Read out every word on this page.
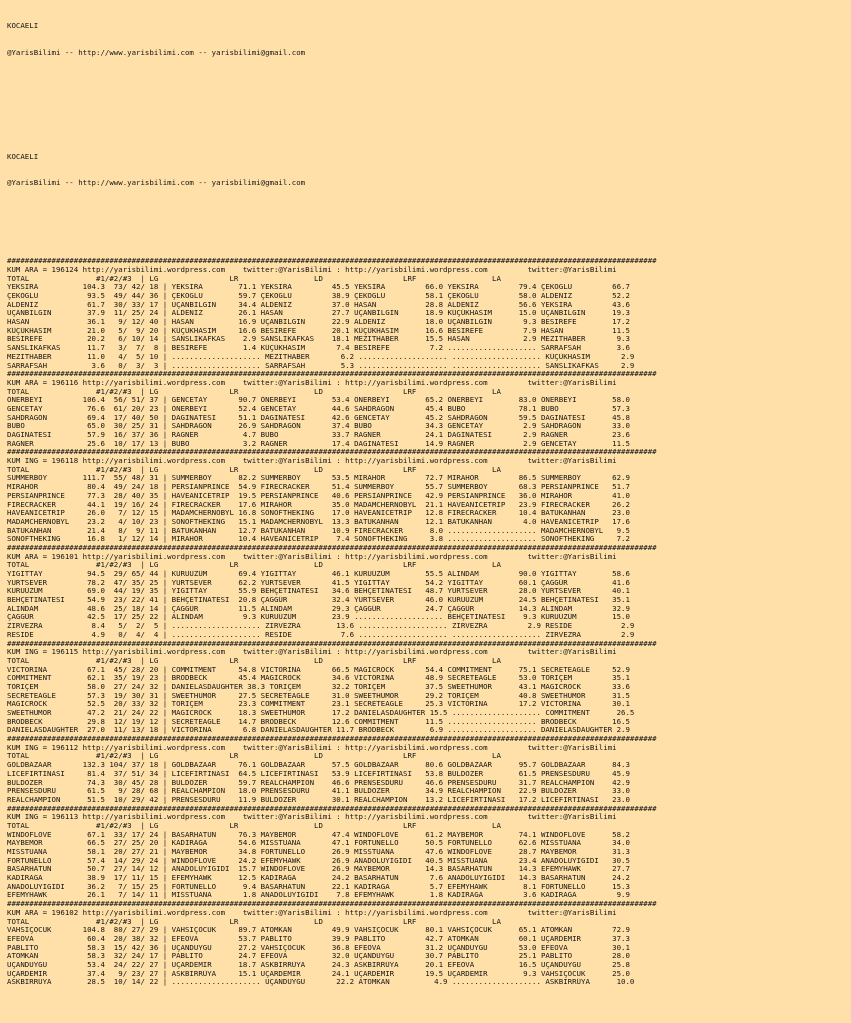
KOCAELI

@YarisBilimi -- http://www.yarisbilimi.com -- yarisbilimi@gmail.com

KOCAELI

@YarisBilimi -- http://www.yarisbilimi.com -- yarisbilimi@gmail.com

##################################################################################################################################################
KUM ARA = 196124 http://yarisbilimi.wordpress.com    twitter:@YarisBilimi : http://yarisbilimi.wordpress.com         twitter:@YarisBilimi
TOTAL               #1/#2/#3  | LG                LR                 LD                  LRF                 LA
YEKSIRA          104.3  73/ 42/ 18 | YEKSIRA        71.1 YEKSIRA         45.5 YEKSIRA         66.0 YEKSIRA         79.4 ÇEKOGLU         66.7
ÇEKOGLU           93.5  49/ 44/ 36 | ÇEKOGLU        59.7 ÇEKOGLU         38.9 ÇEKOGLU         58.1 ÇEKOGLU         58.0 ALDENIZ         52.2
ALDENIZ           61.7  30/ 33/ 17 | UÇANBILGIN     34.4 ALDENIZ         37.0 HASAN           28.8 ALDENIZ         56.6 YEKSIRA         43.6
UÇANBILGIN        37.9  11/ 25/ 24 | ALDENIZ        26.1 HASAN           27.7 UÇANBILGIN      18.9 KÜÇÜKHASIM      15.0 UÇANBILGIN      19.3
HASAN             36.1   9/ 12/ 40 | HASAN          16.9 UÇANBILGIN      22.9 ALDENIZ         18.0 UÇANBILGIN       9.3 BESIREFE        17.2
KÜÇÜKHASIM        21.0   5/  9/ 20 | KÜÇÜKHASIM     16.6 BESIREFE        20.1 KÜÇÜKHASIM      16.6 BESIREFE         7.9 HASAN           11.5
BESIREFE          20.2   6/ 10/ 14 | SANSLIKAFKAS    2.9 SANSLIKAFKAS    18.1 MEZITHABER      15.5 HASAN            2.9 MEZITHABER       9.3
SANSLIKAFKAS      11.7   3/  7/  8 | BESIREFE        1.4 KÜÇÜKHASIM       7.4 BESIREFE         7.2 .................... SARRAFSAH        3.6
MEZITHABER        11.0   4/  5/ 10 | .................... MEZITHABER       6.2 .................... .................... KÜÇÜKHASIM       2.9
SARRAFSAH          3.6   0/  3/  3 | .................... SARRAFSAH        5.3 .................... .................... SANSLIKAFKAS     2.9
##################################################################################################################################################
KUM ARA = 196116 http://yarisbilimi.wordpress.com    twitter:@YarisBilimi : http://yarisbilimi.wordpress.com         twitter:@YarisBilimi
TOTAL               #1/#2/#3  | LG                LR                 LD                  LRF                 LA
ÖNERBEYI         106.4  56/ 51/ 37 | GENCETAY       90.7 ÖNERBEYI        53.4 ÖNERBEYI        65.2 ÖNERBEYI        83.0 ÖNERBEYI        58.0
GENCETAY          76.6  61/ 20/ 23 | ÖNERBEYI       52.4 GENCETAY        44.6 SAHDRAGON       45.4 BUBO            78.1 BUBO            57.3
SAHDRAGON         69.4  17/ 40/ 50 | DAGINATESI     51.1 DAGINATESI      42.6 GENCETAY        45.2 SAHDRAGON       59.5 DAGINATESI      45.8
BUBO              65.0  30/ 25/ 31 | SAHDRAGON      26.9 SAHDRAGON       37.4 BUBO            34.3 GENCETAY         2.9 SAHDRAGON       33.0
DAGINATESI        57.9  16/ 37/ 36 | RAGNER          4.7 BUBO            33.7 RAGNER          24.1 DAGINATESI       2.9 RAGNER          23.6
RAGNER            25.6  10/ 17/ 13 | BUBO            3.2 RAGNER          17.4 DAGINATESI      14.9 RAGNER           2.9 GENCETAY        11.5
##################################################################################################################################################
KUM ING = 196118 http://yarisbilimi.wordpress.com    twitter:@YarisBilimi : http://yarisbilimi.wordpress.com         twitter:@YarisBilimi
TOTAL               #1/#2/#3  | LG                LR                 LD                  LRF                 LA
SUMMERBOY        111.7  55/ 48/ 31 | SUMMERBOY      82.2 SUMMERBOY       53.5 MIRAHOR         72.7 MIRAHOR         86.5 SUMMERBOY       62.9
MIRAHOR           80.4  49/ 24/ 18 | PERSIANPRINCE  54.9 FIRECRACKER     51.4 SUMMERBOY       55.7 SUMMERBOY       68.3 PERSIANPRINCE   51.7
PERSIANPRINCE     77.3  28/ 40/ 35 | HAVEANICETRIP  19.5 PERSIANPRINCE   40.6 PERSIANPRINCE   42.9 PERSIANPRINCE   36.0 MIRAHOR         41.0
FIRECRACKER       44.1  19/ 16/ 24 | FIRECRACKER    17.6 MIRAHOR         35.0 MADAMCHERNOBYL  21.1 HAVEANICETRIP   23.9 FIRECRACKER     26.2
HAVEANICETRIP     26.0   7/ 12/ 15 | MADAMCHERNOBYL 16.8 SONOFTHEKING    17.0 HAVEANICETRIP   12.8 FIRECRACKER     10.4 BATUKANHAN      23.0
MADAMCHERNOBYL    23.2   4/ 10/ 23 | SONOFTHEKING   15.1 MADAMCHERNOBYL  13.3 BATUKANHAN      12.1 BATUKANHAN       4.0 HAVEANICETRIP   17.6
BATUKANHAN        21.4   8/  9/ 11 | BATUKANHAN     12.7 BATUKANHAN      10.9 FIRECRACKER      8.0 .................... MADAMCHERNOBYL   9.5
SONOFTHEKING      16.8   1/ 12/ 14 | MIRAHOR        10.4 HAVEANICETRIP    7.4 SONOFTHEKING     3.8 .................... SONOFTHEKING     7.2
##################################################################################################################################################
KUM ARA = 196101 http://yarisbilimi.wordpress.com    twitter:@YarisBilimi : http://yarisbilimi.wordpress.com         twitter:@YarisBilimi
TOTAL               #1/#2/#3  | LG                LR                 LD                  LRF                 LA
YIGITTAY          94.5  29/ 65/ 44 | KURUÜZÜM       69.4 YIGITTAY        46.1 KURUÜZÜM        55.5 ALINDAM         90.0 YIGITTAY        58.6
YURTSEVER         78.2  47/ 35/ 25 | YURTSEVER      62.2 YURTSEVER       41.5 YIGITTAY        54.2 YIGITTAY        60.1 ÇAGGÜR          41.6
KURUÜZÜM          69.0  44/ 19/ 35 | YIGITTAY       55.9 BEHÇETINATESI   34.6 BEHÇETINATESI   48.7 YURTSEVER       28.0 YURTSEVER       40.1
BEHÇETINATESI     54.9  23/ 22/ 41 | BEHÇETINATESI  20.8 ÇAGGÜR          32.4 YURTSEVER       46.0 KURUÜZÜM        24.5 BEHÇETINATESI   35.1
ALINDAM           48.6  25/ 18/ 14 | ÇAGGÜR         11.5 ALINDAM         29.3 ÇAGGÜR          24.7 ÇAGGÜR          14.3 ALINDAM         32.9
ÇAGGÜR            42.5  17/ 25/ 22 | ALINDAM         9.3 KURUÜZÜM        23.9 .................... BEHÇETINATESI    9.3 KURUÜZÜM        15.0
ZIRVEZRA           8.4   5/  2/  5 | .................... ZIRVEZRA        13.6 .................... ZIRVEZRA         2.9 RESIDE           2.9
RESIDE             4.9   0/  4/  4 | .................... RESIDE           7.6 .................... .................... ZIRVEZRA         2.9
##################################################################################################################################################
KUM ING = 196115 http://yarisbilimi.wordpress.com    twitter:@YarisBilimi : http://yarisbilimi.wordpress.com         twitter:@YarisBilimi
TOTAL               #1/#2/#3  | LG                LR                 LD                  LRF                 LA
VICTORINA         67.1  45/ 28/ 20 | COMMITMENT     54.8 VICTORINA       66.5 MAGICROCK       54.4 COMMITMENT      75.1 SECRETEAGLE     52.9
COMMITMENT        62.1  35/ 19/ 23 | BRODBECK       45.4 MAGICROCK       34.6 VICTORINA       48.9 SECRETEAGLE     53.0 TORIÇEM         35.1
TORIÇEM           58.0  27/ 24/ 32 | DANIELASDAUGHTER 38.3 TORIÇEM       32.2 TORIÇEM         37.5 SWEETHUMOR      43.1 MAGICROCK       33.6
SECRETEAGLE       57.3  19/ 30/ 31 | SWEETHUMOR     27.5 SECRETEAGLE     31.0 SWEETHUMOR      29.2 TORIÇEM         40.8 SWEETHUMOR      31.5
MAGICROCK         52.5  20/ 33/ 32 | TORIÇEM        23.3 COMMITMENT      23.1 SECRETEAGLE     25.3 VICTORINA       17.2 VICTORINA       30.1
SWEETHUMOR        47.2  21/ 24/ 22 | MAGICROCK      18.3 SWEETHUMOR      17.2 DANIELASDAUGHTER 15.5 .................... COMMITMENT      26.5
BRODBECK          29.8  12/ 19/ 12 | SECRETEAGLE    14.7 BRODBECK        12.6 COMMITMENT      11.5 .................... BRODBECK        16.5
DANIELASDAUGHTER  27.0  11/ 13/ 18 | VICTORINA       6.8 DANIELASDAUGHTER 11.7 BRODBECK        6.9 .................... DANIELASDAUGHTER 2.9
##################################################################################################################################################
KUM ING = 196112 http://yarisbilimi.wordpress.com    twitter:@YarisBilimi : http://yarisbilimi.wordpress.com         twitter:@YarisBilimi
TOTAL               #1/#2/#3  | LG                LR                 LD                  LRF                 LA
GOLDBAZAAR       132.3 104/ 37/ 18 | GOLDBAZAAR     76.1 GOLDBAZAAR      57.5 GOLDBAZAAR      80.6 GOLDBAZAAR      95.7 GOLDBAZAAR      84.3
LICEFIRTINASI     81.4  37/ 51/ 34 | LICEFIRTINASI  64.5 LICEFIRTINASI   53.9 LICEFIRTINASI   53.8 BULDOZER        61.5 PRENSESDURU     45.9
BULDOZER          74.3  30/ 45/ 28 | BULDOZER       59.7 REALCHAMPION    46.6 PRENSESDURU     46.6 PRENSESDURU     31.7 REALCHAMPION    42.9
PRENSESDURU       61.5   9/ 28/ 68 | REALCHAMPION   18.0 PRENSESDURU     41.1 BULDOZER        34.9 REALCHAMPION    22.9 BULDOZER        33.0
REALCHAMPION      51.5  10/ 29/ 42 | PRENSESDURU    11.9 BULDOZER        30.1 REALCHAMPION    13.2 LICEFIRTINASI   17.2 LICEFIRTINASI   23.0
##################################################################################################################################################
KUM ING = 196113 http://yarisbilimi.wordpress.com    twitter:@YarisBilimi : http://yarisbilimi.wordpress.com         twitter:@YarisBilimi
TOTAL               #1/#2/#3  | LG                LR                 LD                  LRF                 LA
WINDOFLOVE        67.1  33/ 17/ 24 | BASARHATUN     76.3 MAYBEMOR        47.4 WINDOFLOVE      61.2 MAYBEMOR        74.1 WINDOFLOVE      58.2
MAYBEMOR          66.5  27/ 25/ 20 | KADIRAGA       54.6 MISSTUANA       47.1 FORTUNELLO      50.5 FORTUNELLO      62.6 MISSTUANA       34.0
MISSTUANA         58.1  20/ 27/ 21 | MAYBEMOR       34.8 FORTUNELLO      26.9 MISSTUANA       47.6 WINDOFLOVE      28.7 MAYBEMOR        31.3
FORTUNELLO        57.4  14/ 29/ 24 | WINDOFLOVE     24.2 EFEMYHAWK       26.9 ANADOLUYIGIDI   40.5 MISSTUANA       23.4 ANADOLUYIGIDI   30.5
BASARHATUN        50.7  27/ 14/ 12 | ANADOLUYIGIDI  15.7 WINDOFLOVE      26.9 MAYBEMOR        14.3 BASARHATUN      14.3 EFEMYHAWK       27.7
KADIRAGA          38.9  17/ 11/ 15 | EFEMYHAWK      12.5 KADIRAGA        24.2 BASARHATUN       7.6 ANADOLUYIGIDI   14.3 BASARHATUN      24.2
ANADOLUYIGIDI     36.2   7/ 15/ 25 | FORTUNELLO      9.4 BASARHATUN      22.1 KADIRAGA         5.7 EFEMYHAWK        8.1 FORTUNELLO      15.3
EFEMYHAWK         26.1   7/ 14/ 11 | MISSTUANA       1.8 ANADOLUYIGIDI    7.8 EFEMYHAWK        1.8 KADIRAGA         3.6 KADIRAGA         9.9
##################################################################################################################################################
KUM ARA = 196102 http://yarisbilimi.wordpress.com    twitter:@YarisBilimi : http://yarisbilimi.wordpress.com         twitter:@YarisBilimi
TOTAL               #1/#2/#3  | LG                LR                 LD                  LRF                 LA
VAHSIÇOCUK       104.8  80/ 27/ 29 | VAHSIÇOCUK     89.7 ATOMKAN         49.9 VAHSIÇOCUK      80.1 VAHSIÇOCUK      65.1 ATOMKAN         72.9
EFEOVA            60.4  20/ 38/ 32 | EFEOVA         53.7 PABLITO         39.9 PABLITO         42.7 ATOMKAN         60.1 UÇARDEMIR       37.3
PABLITO           58.3  15/ 42/ 36 | UÇANDUYGU      27.2 VAHSIÇOCUK      36.8 EFEOVA          31.2 UÇANDUYGU       53.0 EFEOVA          30.1
ATOMKAN           58.3  32/ 24/ 17 | PABLITO        24.7 EFEOVA          32.0 UÇANDUYGU       30.7 PABLITO         25.1 PABLITO         28.0
UÇANDUYGU         53.4  24/ 22/ 27 | UÇARDEMIR      18.7 ASKBIRRÜYA      24.3 ASKBIRRÜYA      20.1 EFEOVA          16.5 UÇANDUYGU       25.8
UÇARDEMIR         37.4   9/ 23/ 27 | ASKBIRRÜYA     15.1 UÇARDEMIR       24.1 UÇARDEMIR       19.5 UÇARDEMIR        9.3 VAHSIÇOCUK      25.0
ASKBIRRÜYA        28.5  10/ 14/ 22 | .................... UÇANDUYGU       22.2 ATOMKAN          4.9 .................... ASKBIRRÜYA      10.0
